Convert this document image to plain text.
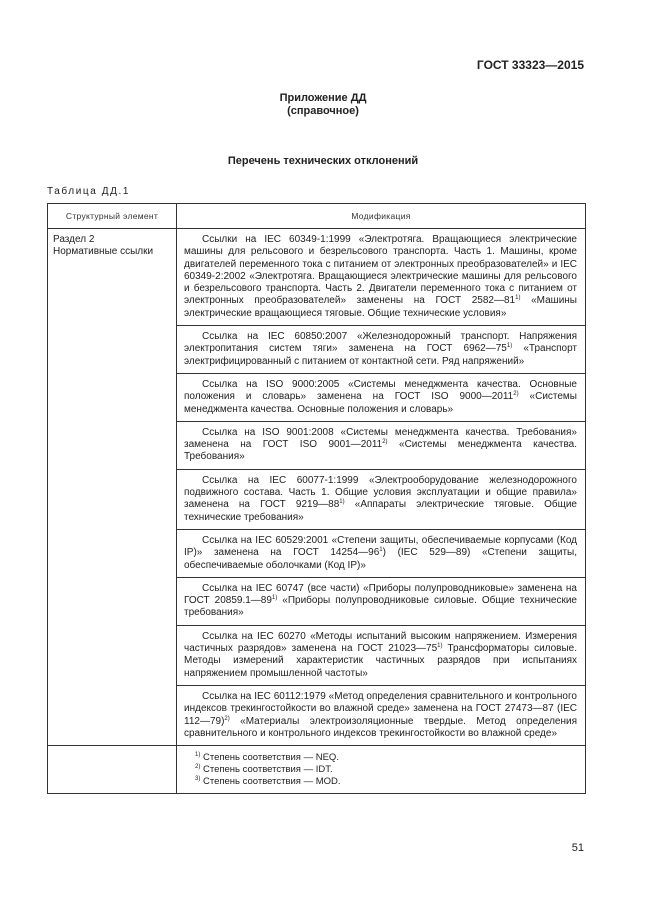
ГОСТ 33323—2015
Приложение ДД
(справочное)
Перечень технических отклонений
Таблица ДД.1
Структурный элемент	Модификация

Раздел 2
Нормативные ссылки	Ссылки на IEC 60349-1:1999 «Электротяга. Вращающиеся электрические машины для рельсового и безрельсового транспорта. Часть 1. Машины, кроме двигателей переменного тока с питанием от электронных преобразователей» и IEC 60349-2:2002 «Электротяга. Вращающиеся электрические машины для рельсового и безрельсового транспорта. Часть 2. Двигатели переменного тока с питанием от электронных преобразователей» заменены на ГОСТ 2582—81$^{1)}$ «Машины электрические вращающиеся тяговые. Общие технические условия»

	Ссылка на IEC 60850:2007 «Железнодорожный транспорт. Напряжения электропитания систем тяги» заменена на ГОСТ 6962—75$^{1)}$ «Транспорт электрифицированный с питанием от контактной сети. Ряд напряжений»

	Ссылка на ISO 9000:2005 «Системы менеджмента качества. Основные положения и словарь» заменена на ГОСТ ISO 9000—2011$^{2)}$ «Системы менеджмента качества. Основные положения и словарь»

	Ссылка на ISO 9001:2008 «Системы менеджмента качества. Требования» заменена на ГОСТ ISO 9001—2011$^{2)}$ «Системы менеджмента качества. Требования»

	Ссылка на IEC 60077-1:1999 «Электрооборудование железнодорожного подвижного состава. Часть 1. Общие условия эксплуатации и общие правила» заменена на ГОСТ 9219—88$^{1)}$ «Аппараты электрические тяговые. Общие технические требования»

	Ссылка на IEC 60529:2001 «Степени защиты, обеспечиваемые корпусами (Код IP)» заменена на ГОСТ $14254—96^1$) (IEC 529—89) «Степени защиты, обеспечиваемые оболочками (Код IP)»

	Ссылка на IEC 60747 (все части) «Приборы полупроводниковые» заменена на ГОСТ 20859.1—89$^{1)}$ «Приборы полупроводниковые силовые. Общие технические требования»

	Ссылка на IEC 60270 «Методы испытаний высоким напряжением. Измерения частичных разрядов» заменена на ГОСТ 21023—75$^{1)}$ Трансформаторы силовые. Методы измерений характеристик частичных разрядов при испытаниях напряжением промышленной частоты»

	Ссылка на IEC 60112:1979 «Метод определения сравнительного и контрольного индексов трекингостойкости во влажной среде» заменена на ГОСТ 27473—87 (IEC 112—79)$^{2)}$ «Материалы электроизоляционные твердые. Метод определения сравнительного и контрольного индексов трекингостойкости во влажной среде»

	$^{1)}$ Степень соответствия — NEQ.
$^{2)}$ Степень соответствия — IDT.
$^{3)}$ Степень соответствия — MOD.
51
